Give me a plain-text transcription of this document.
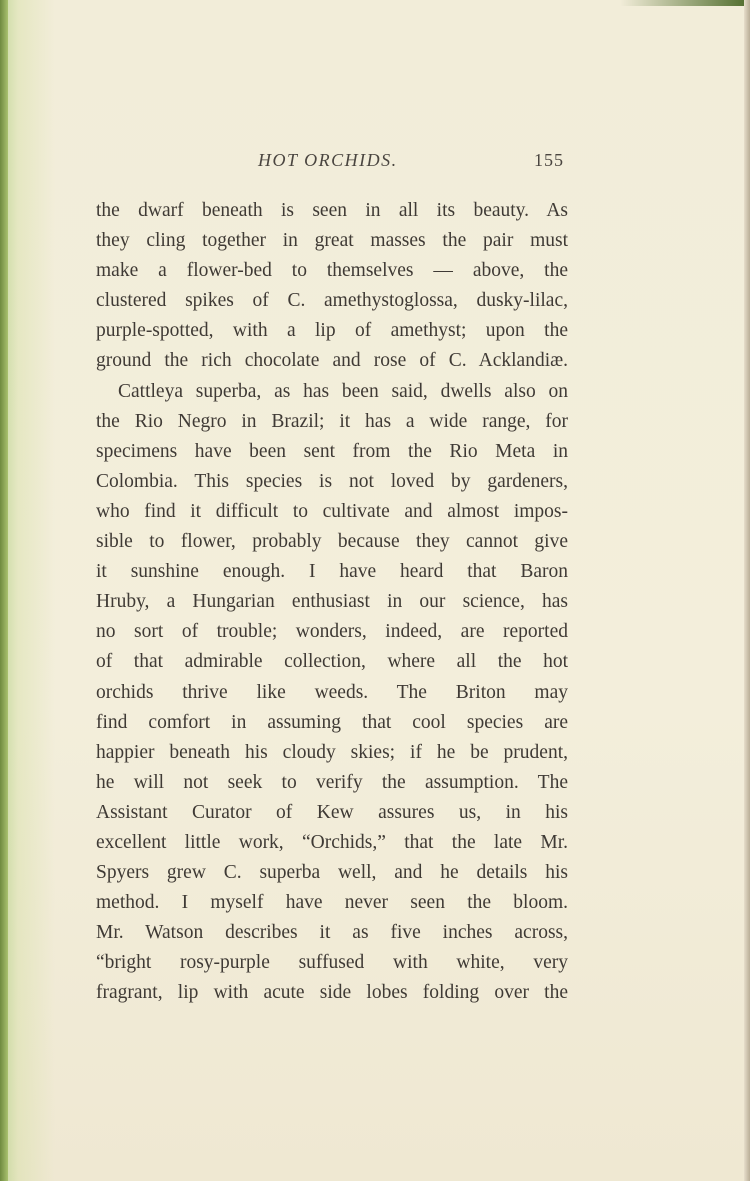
HOT ORCHIDS.	155
the dwarf beneath is seen in all its beauty. As
they cling together in great masses the pair must
make a flower-bed to themselves — above, the
clustered spikes of C. amethystoglossa, dusky-lilac,
purple-spotted, with a lip of amethyst; upon the
ground the rich chocolate and rose of C. Acklandiæ.
Cattleya superba, as has been said, dwells also on
the Rio Negro in Brazil; it has a wide range, for
specimens have been sent from the Rio Meta in
Colombia. This species is not loved by gardeners,
who find it difficult to cultivate and almost impos-
sible to flower, probably because they cannot give
it sunshine enough. I have heard that Baron
Hruby, a Hungarian enthusiast in our science, has
no sort of trouble; wonders, indeed, are reported
of that admirable collection, where all the hot
orchids thrive like weeds. The Briton may
find comfort in assuming that cool species are
happier beneath his cloudy skies; if he be prudent,
he will not seek to verify the assumption. The
Assistant Curator of Kew assures us, in his
excellent little work, “Orchids,” that the late Mr.
Spyers grew C. superba well, and he details his
method. I myself have never seen the bloom.
Mr. Watson describes it as five inches across,
“bright rosy-purple suffused with white, very
fragrant, lip with acute side lobes folding over the
